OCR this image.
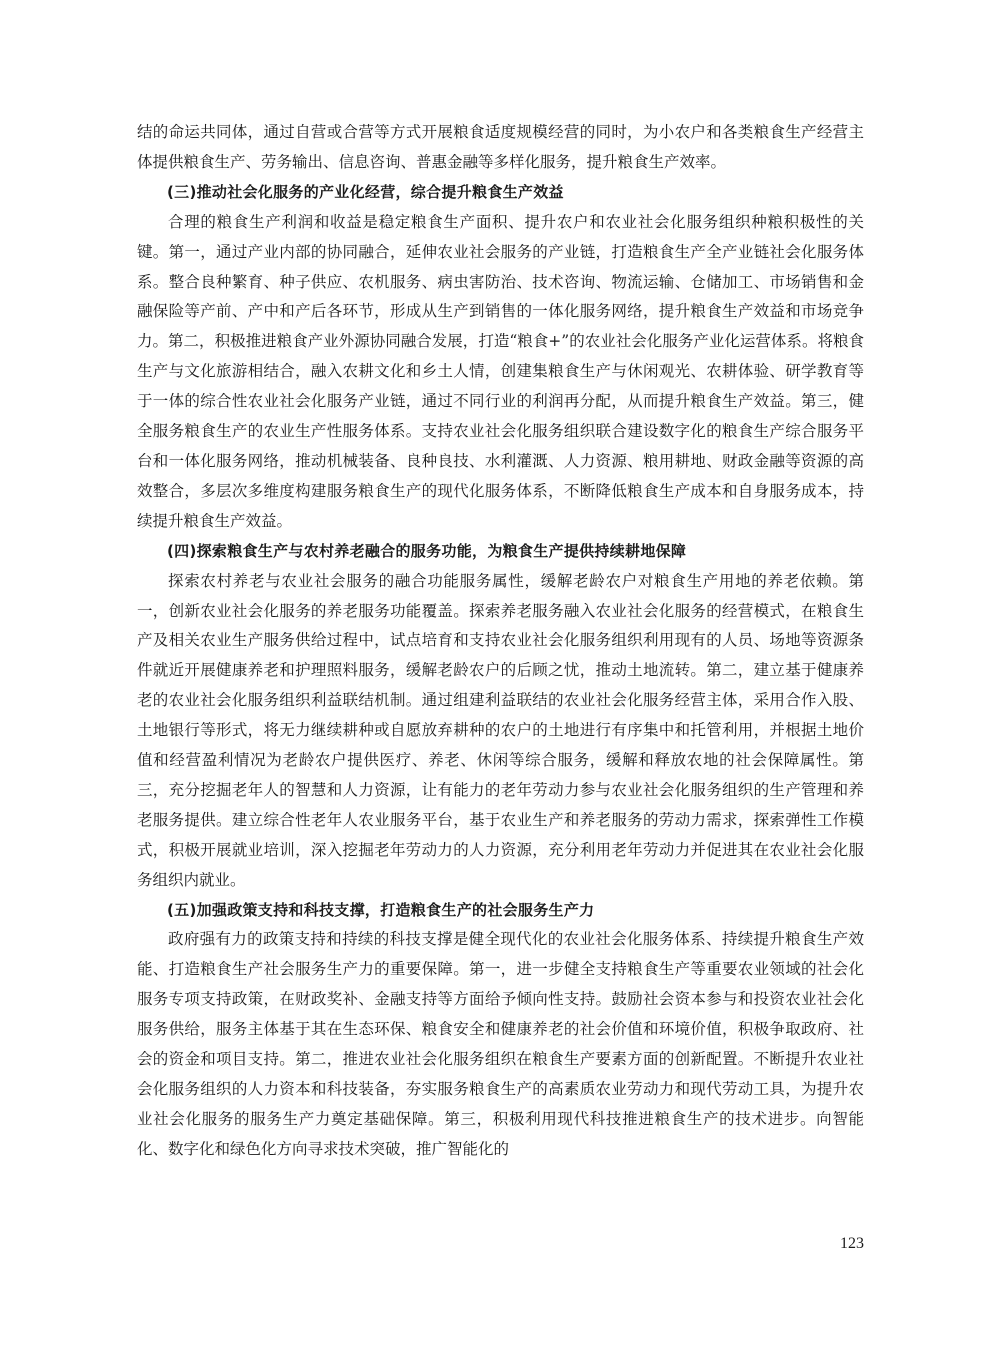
结的命运共同体，通过自营或合营等方式开展粮食适度规模经营的同时，为小农户和各类粮食生产经营主体提供粮食生产、劳务输出、信息咨询、普惠金融等多样化服务，提升粮食生产效率。

(三)推动社会化服务的产业化经营，综合提升粮食生产效益

合理的粮食生产利润和收益是稳定粮食生产面积、提升农户和农业社会化服务组织种粮积极性的关键。第一，通过产业内部的协同融合，延伸农业社会服务的产业链，打造粮食生产全产业链社会化服务体系。整合良种繁育、种子供应、农机服务、病虫害防治、技术咨询、物流运输、仓储加工、市场销售和金融保险等产前、产中和产后各环节，形成从生产到销售的一体化服务网络，提升粮食生产效益和市场竞争力。第二，积极推进粮食产业外源协同融合发展，打造“粮食+”的农业社会化服务产业化运营体系。将粮食生产与文化旅游相结合，融入农耕文化和乡土人情，创建集粮食生产与休闲观光、农耕体验、研学教育等于一体的综合性农业社会化服务产业链，通过不同行业的利润再分配，从而提升粮食生产效益。第三，健全服务粮食生产的农业生产性服务体系。支持农业社会化服务组织联合建设数字化的粮食生产综合服务平台和一体化服务网络，推动机械装备、良种良技、水利灌溉、人力资源、粮用耕地、财政金融等资源的高效整合，多层次多维度构建服务粮食生产的现代化服务体系，不断降低粮食生产成本和自身服务成本，持续提升粮食生产效益。

(四)探索粮食生产与农村养老融合的服务功能，为粮食生产提供持续耕地保障

探索农村养老与农业社会服务的融合功能服务属性，缓解老龄农户对粮食生产用地的养老依赖。第一，创新农业社会化服务的养老服务功能覆盖。探索养老服务融入农业社会化服务的经营模式，在粮食生产及相关农业生产服务供给过程中，试点培育和支持农业社会化服务组织利用现有的人员、场地等资源条件就近开展健康养老和护理照料服务，缓解老龄农户的后顾之忧，推动土地流转。第二，建立基于健康养老的农业社会化服务组织利益联结机制。通过组建利益联结的农业社会化服务经营主体，采用合作入股、土地银行等形式，将无力继续耕种或自愿放弃耕种的农户的土地进行有序集中和托管利用，并根据土地价值和经营盈利情况为老龄农户提供医疗、养老、休闲等综合服务，缓解和释放农地的社会保障属性。第三，充分挖掘老年人的智慧和人力资源，让有能力的老年劳动力参与农业社会化服务组织的生产管理和养老服务提供。建立综合性老年人农业服务平台，基于农业生产和养老服务的劳动力需求，探索弹性工作模式，积极开展就业培训，深入挖掘老年劳动力的人力资源，充分利用老年劳动力并促进其在农业社会化服务组织内就业。

(五)加强政策支持和科技支撑，打造粮食生产的社会服务生产力

政府强有力的政策支持和持续的科技支撑是健全现代化的农业社会化服务体系、持续提升粮食生产效能、打造粮食生产社会服务生产力的重要保障。第一，进一步健全支持粮食生产等重要农业领域的社会化服务专项支持政策，在财政奖补、金融支持等方面给予倾向性支持。鼓励社会资本参与和投资农业社会化服务供给，服务主体基于其在生态环保、粮食安全和健康养老的社会价值和环境价值，积极争取政府、社会的资金和项目支持。第二，推进农业社会化服务组织在粮食生产要素方面的创新配置。不断提升农业社会化服务组织的人力资本和科技装备，夯实服务粮食生产的高素质农业劳动力和现代劳动工具，为提升农业社会化服务的服务生产力奠定基础保障。第三，积极利用现代科技推进粮食生产的技术进步。向智能化、数字化和绿色化方向寻求技术突破，推广智能化的

123
